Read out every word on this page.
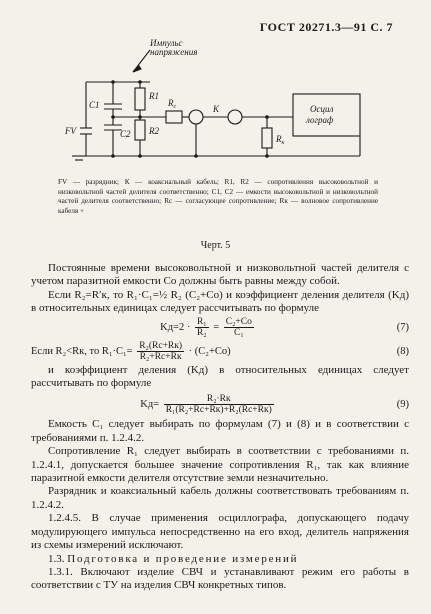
ГОСТ 20271.3—91 С. 7
Импульс
напряжения
R1
$R_с$	К
C1
C2 R2
FV
$R_к$
Осцил
лограф
FV — разрядник; К — коаксиальный кабель; R1, R2 — сопротивления высоковольтной и низковольтной частей делителя соответственно; C1, C2 — емкости высоковольтной и низковольтной частей делителя соответственно; Rс — согласующее сопротивление; Rк — волновое сопротивление кабеля +
Черт. 5

Постоянные времени высоковольтной и низковольтной частей делителя с учетом паразитной емкости Cо должны быть равны между собой.

Если R₂=R′к, то R₁·C₁=½ R₂ (C₂+Cо) и коэффициент деления делителя (Kд) в относительных единицах следует рассчитывать по формуле

$Kд=2 \cdot \frac{\text{R₁}}{\text{R₂}} = \frac{\text{C₂+Cо}}{\text{C₁}}$	(7)
Если R₂<Rк, то $R_1\cdot C_1= \frac{\text{R₂(Rс+Rк)}}{\text{R₂+Rс+Rк}} \cdot (C_2+Cо)$	(8)

и коэффициент деления (Kд) в относительных единицах следует рассчитывать по формуле

$Kд= \frac{\text{R₂·Rк}}{\text{R₁(R₂+Rс+Rк)+R₂(Rс+Rк)}}$	(9)

Емкость C₁ следует выбирать по формулам (7) и (8) и в соответствии с требованиями п. 1.2.4.2.

Сопротивление R₁ следует выбирать в соответствии с требованиями п. 1.2.4.1, допускается большее значение сопротивления R₁, так как влияние паразитной емкости делителя отсутствие земли незначительно.

Разрядник и коаксиальный кабель должны соответствовать требованиям п. 1.2.4.2.

1.2.4.5. В случае применения осциллографа, допускающего подачу модулирующего импульса непосредственно на его вход, делитель напряжения из схемы измерений исключают.

1.3. Подготовка и проведение измерений

1.3.1. Включают изделие СВЧ и устанавливают режим его работы в соответствии с ТУ на изделия СВЧ конкретных типов.
